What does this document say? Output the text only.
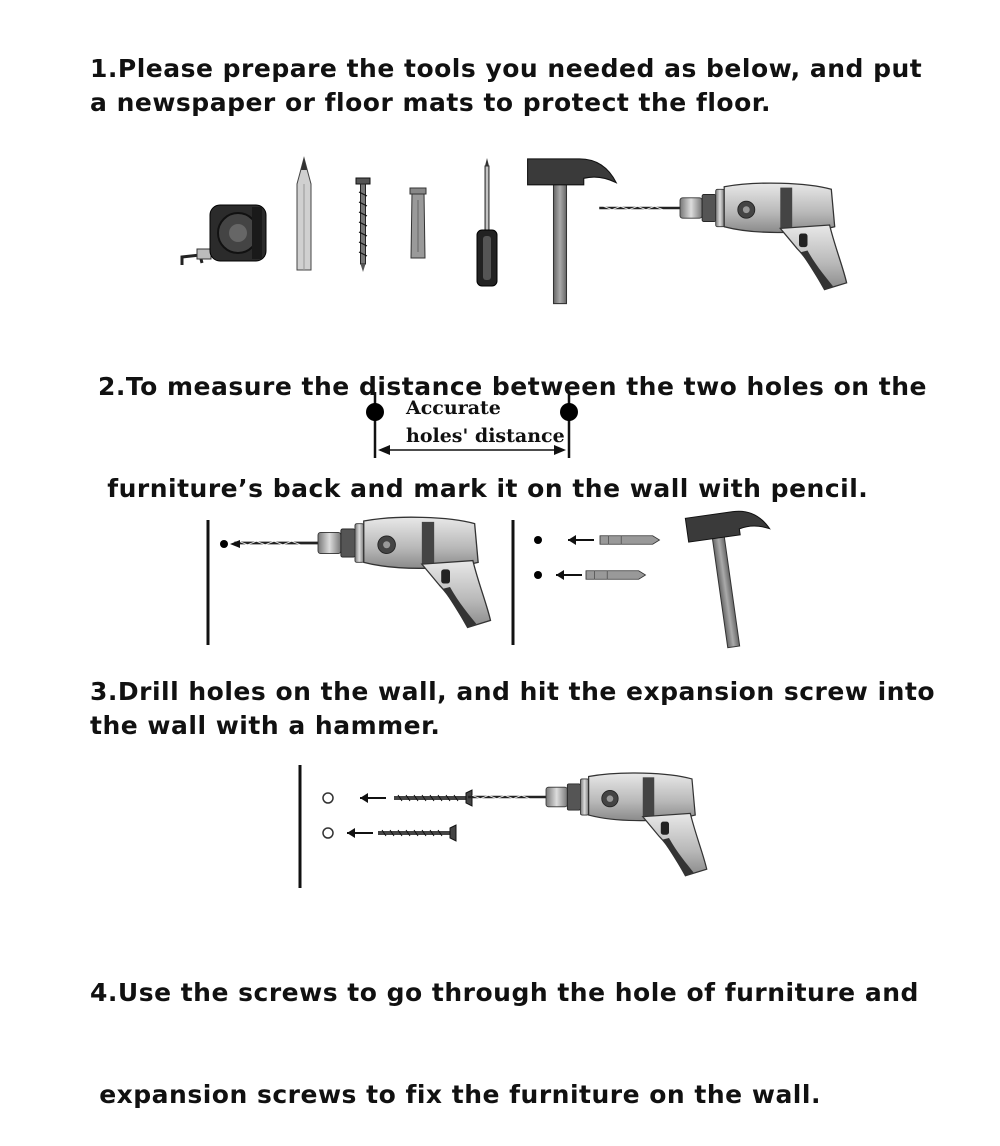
1.Please prepare the tools you needed as below, and put
a newspaper or floor mats to protect the floor.

2.To measure the distance between the two holes on the

furniture’s back and mark it on the wall with pencil.

3.Drill holes on the wall, and hit the expansion screw into
the wall with a hammer.

4.Use the screws to go through the hole of furniture and

expansion screws to fix the furniture on the wall.

Accurate
holes' distance
